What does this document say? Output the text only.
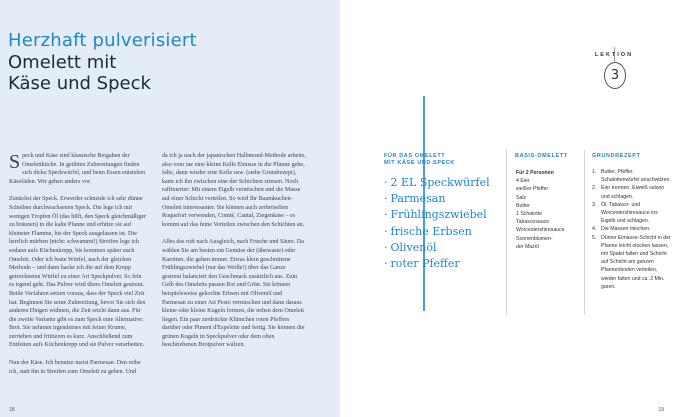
Herzhaft pulverisiert
Omelett mit
Käse und Speck

Speck und Käse sind klassische Beigaben der Omelettküche. In geübten Zubereitungen finden sich dicke Speckwürfel, und beim Essen entstehen Käsefäden. Wir gehen anders vor.

Zunächst der Speck. Erwerder schneide ich sehr dünne Scheiben durchwachsenen Speck. Die lege ich mit wenigen Tropfen Öl (das hilft, den Speck gleichmäßiger zu bräunen) in die kalte Pfanne und erhitze sie auf kleinster Flamme, bis der Speck ausgelassen ist. Die herrlich mürben (nicht: schwammt!) Streifen lege ich sodann aufs Küchenkrepp, bis kommen später auch Omelett. Oder ich brate Würfel, nach der gleichen Methode – und dann hacke ich die auf dem Krepp getrockneten Würfel zu einer Art Speckpulver. So fein es irgend geht. Das Pulver wird übers Omelett gestreut. Beide Verfahren setzen voraus, dass der Speck viel Zeit hat. Beginnen Sie seine Zubereitung, bevor Sie sich den anderen Dingen widmen, die Zeit reicht dann aus. Für die zweite Variante gibt es zum Speck eine Alternative: Brot. Sie nehmen irgendeines mit feiner Krume, zerrieben und frittieren es kurz. Anschließend zum Entfetten aufs Küchenkrepp und sie Pulver verarbeiten.

Nun der Käse. Ich benutze meist Parmesan. Den reibe ich, statt ihn in Streifen zum Omelett zu geben. Und

da ich ja nach der japanischen Halbmond-Methode arbeite, also vom rae eine kleine Kelle Einusse in die Pfanne gebe, falte, dann wieder eine Kelle usw. (siehe Grundrezept), kann ich ihn zwischen eine der Schichten streuen. Noch raffinierter: Mit einem Eigelb vermischen und die Masse auf einer Schicht verteilen. So wird Ihr Baumkuchen-Omelett interessanter. Sie können auch zerbröselten Roquefort verwenden, Comté, Cantal, Ziegenkäse – es kommt auf das feine Verteilen zwischen den Schichten an.

Alles das ruft nach Ausgleich, nach Frische und Säure. Da wählen Sie am besten ein Gemüse der (ähnwaste) oder Karotten, die gehen immer. Etwas klein geschnittene Frühlingszwiebel (nur das Weiße!) über das Ganze gestreut balanciert den Geschmack zusätzlich aus. Zum Gelb des Omeletts passen Rot und Grün. Sie können beispielsweise gekochte Erbsen mit Olivenöl und Parmesan zu einer Art Pesto vermischen und dann daraus kleine oder kleine Kugeln formen, die neben dem Omelett liegen. Ein paar zerdrückte Klümchen roten Pfeffers darüber oder Piment d'Espelette und fertig. Sie können die grünen Kugeln in Speckpulver oder dem oben beschriebenen Brotpulver wälzen.

18
LEKTION
3
FÜR DAS OMELETT
MIT KÄSE UND SPECK
· 2 EL Speckwürfel
· Parmesan
· Frühlingszwiebel
· frische Erbsen
· Olivenöl
· roter Pfeffer
BASIS-OMELETT
Für 2 Personen
4 Eier
weißer Pfeffer
Salz
Butter
1 Schalotte
Tabascosauce
Worcestershiresauce
Sonnenblumen-
der Mazöl
GRUNDREZEPT
1. Butter, Pfeffer, Schalottenwürfel anschwitzen.
2. Eier trennen, Eiweiß salzen und schlagen.
3. Öl, Tabasco- und Worcestershiresauce ins Eigelb und schlagen.
4. Die Massen mischen.
5. Dünne Eimasse-Schicht in der Pfanne leicht stocken lassen, mit Spatel falten und Schicht auf Schicht am ganzen Pfannenboden verteilen, wieder falten und ca. 2 Min. garen.
19
